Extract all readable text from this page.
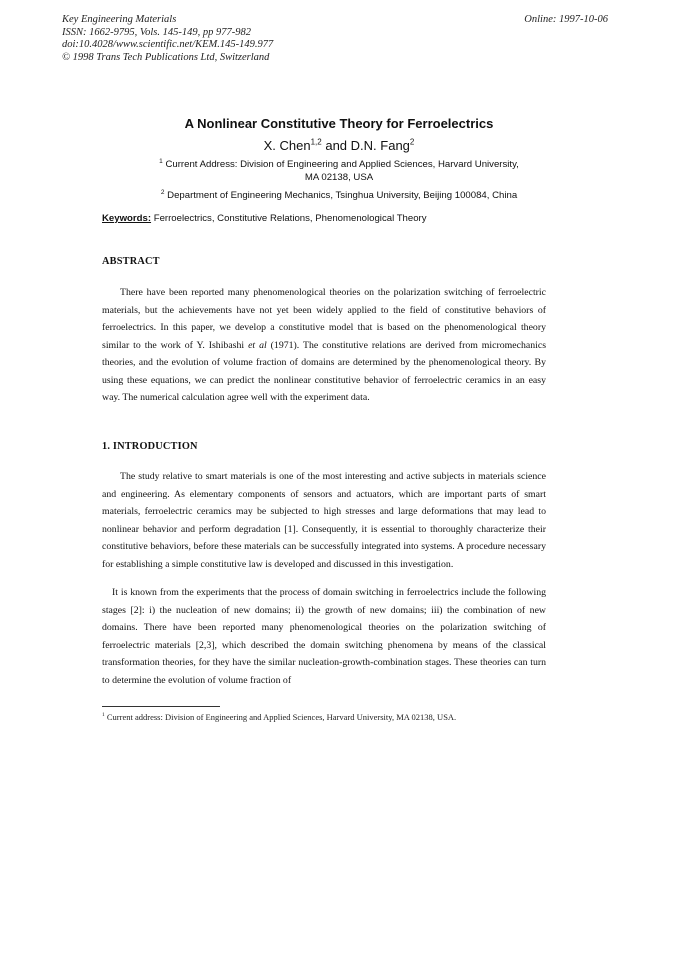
Key Engineering Materials
ISSN: 1662-9795, Vols. 145-149, pp 977-982
doi:10.4028/www.scientific.net/KEM.145-149.977
© 1998 Trans Tech Publications Ltd, Switzerland
Online: 1997-10-06
A Nonlinear Constitutive Theory for Ferroelectrics
X. Chen$^{1,2}$ and D.N. Fang$^2$
$^1$ Current Address: Division of Engineering and Applied Sciences, Harvard University,
MA 02138, USA
$^2$ Department of Engineering Mechanics, Tsinghua University, Beijing 100084, China
Keywords: Ferroelectrics, Constitutive Relations, Phenomenological Theory
ABSTRACT

There have been reported many phenomenological theories on the polarization switching of ferroelectric materials, but the achievements have not yet been widely applied to the field of constitutive behaviors of ferroelectrics. In this paper, we develop a constitutive model that is based on the phenomenological theory similar to the work of Y. Ishibashi et al (1971). The constitutive relations are derived from micromechanics theories, and the evolution of volume fraction of domains are determined by the phenomenological theory. By using these equations, we can predict the nonlinear constitutive behavior of ferroelectric ceramics in an easy way. The numerical calculation agree well with the experiment data.

1. INTRODUCTION

The study relative to smart materials is one of the most interesting and active subjects in materials science and engineering. As elementary components of sensors and actuators, which are important parts of smart materials, ferroelectric ceramics may be subjected to high stresses and large deformations that may lead to nonlinear behavior and perform degradation [1]. Consequently, it is essential to thoroughly characterize their constitutive behaviors, before these materials can be successfully integrated into systems. A procedure necessary for establishing a simple constitutive law is developed and discussed in this investigation.

It is known from the experiments that the process of domain switching in ferroelectrics include the following stages [2]: i) the nucleation of new domains; ii) the growth of new domains; iii) the combination of new domains. There have been reported many phenomenological theories on the polarization switching of ferroelectric materials [2,3], which described the domain switching phenomena by means of the classical transformation theories, for they have the similar nucleation-growth-combination stages. These theories can turn to determine the evolution of volume fraction of

$^1$ Current address: Division of Engineering and Applied Sciences, Harvard University, MA 02138, USA.
